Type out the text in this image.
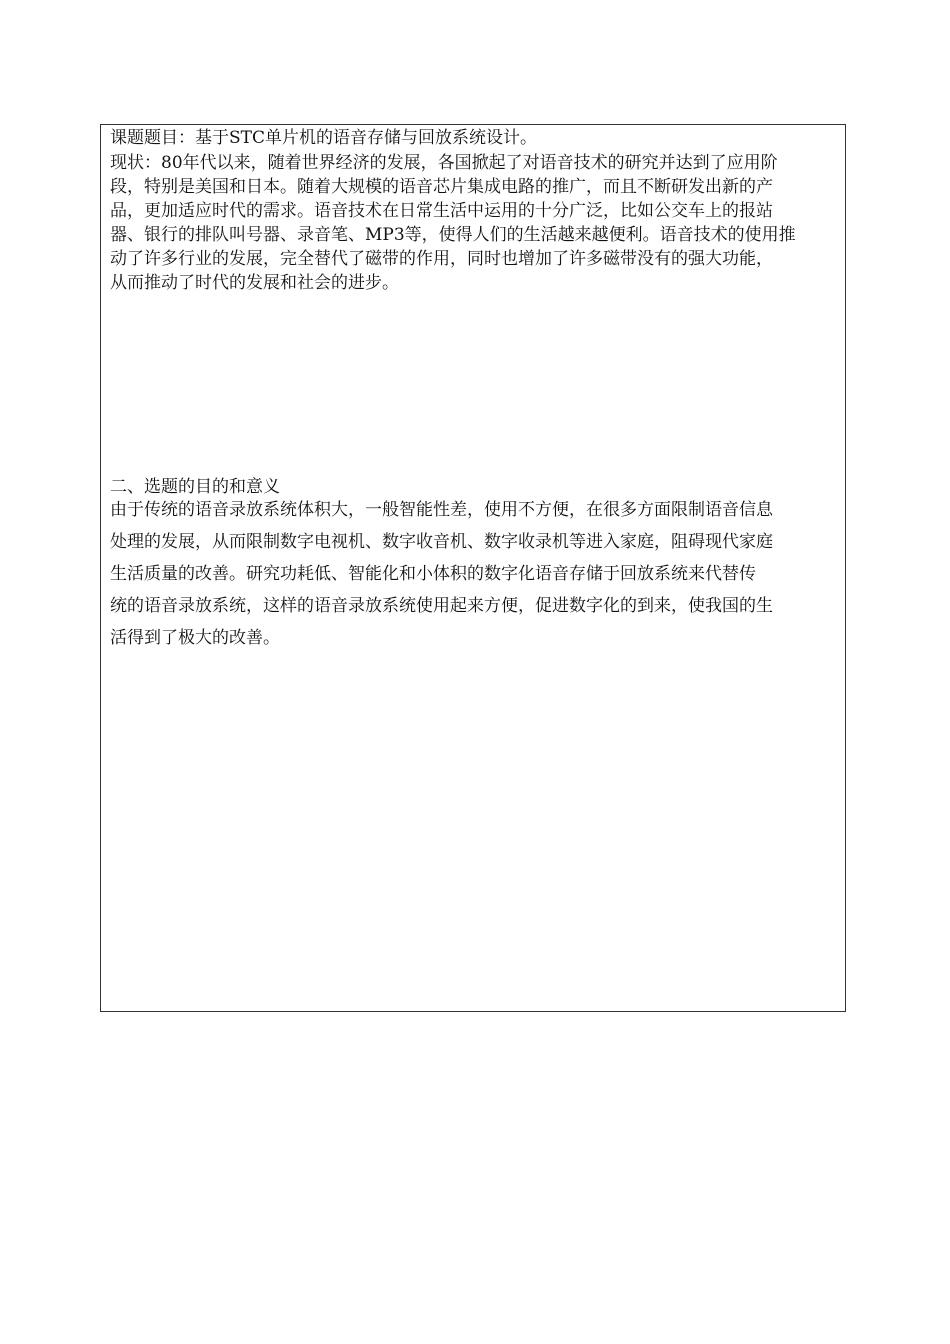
课题题目：基于STC单片机的语音存储与回放系统设计。

现状：80年代以来，随着世界经济的发展，各国掀起了对语音技术的研究并达到了应用阶

段，特别是美国和日本。随着大规模的语音芯片集成电路的推广，而且不断研发出新的产

品，更加适应时代的需求。语音技术在日常生活中运用的十分广泛，比如公交车上的报站

器、银行的排队叫号器、录音笔、MP3等，使得人们的生活越来越便利。语音技术的使用推

动了许多行业的发展，完全替代了磁带的作用，同时也增加了许多磁带没有的强大功能，

从而推动了时代的发展和社会的进步。

二、选题的目的和意义

由于传统的语音录放系统体积大，一般智能性差，使用不方便，在很多方面限制语音信息

处理的发展，从而限制数字电视机、数字收音机、数字收录机等进入家庭，阻碍现代家庭

生活质量的改善。研究功耗低、智能化和小体积的数字化语音存储于回放系统来代替传

统的语音录放系统，这样的语音录放系统使用起来方便，促进数字化的到来，使我国的生

活得到了极大的改善。
